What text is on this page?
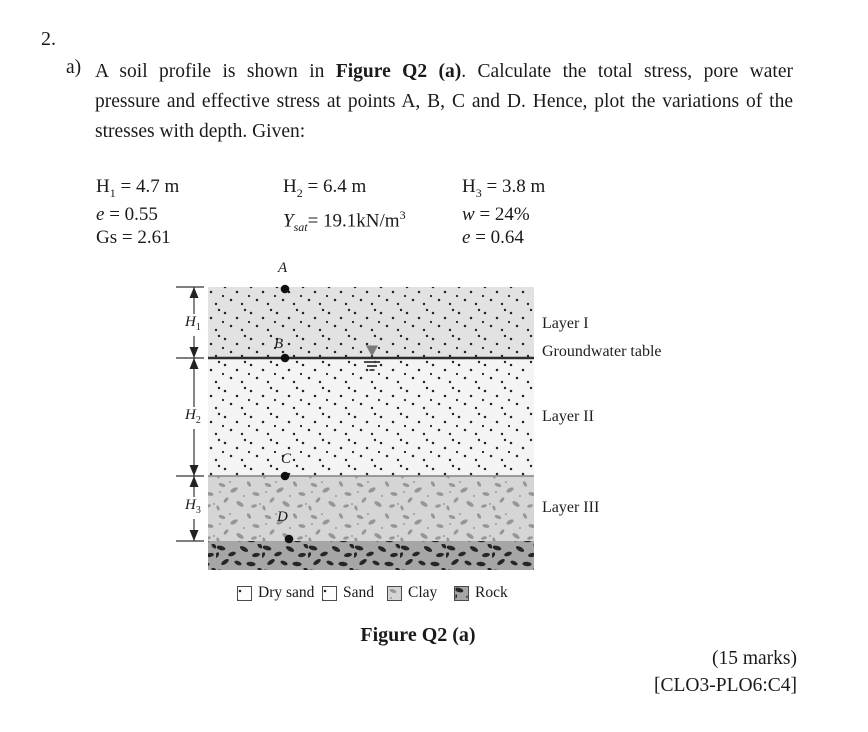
2.
a) A soil profile is shown in Figure Q2 (a). Calculate the total stress, pore water
pressure and effective stress at points A, B, C and D. Hence, plot the variations of the
stresses with depth. Given:
$H_1 = 4.7$ m
e = 0.55
Gs = 2.61
$H_2 = 6.4$ m
$\Upsilon_{sat}= 19.1kN/m^3$
$H_3 = 3.8$ m
w = 24%
e = 0.64
$H_1$
$H_2$
$H_3$
A
B
C
D
Layer I
Groundwater table
Layer II
Layer III
Dry sand Sand Clay Rock
Figure Q2 (a)
(15 marks)
[CLO3-PLO6:C4]
